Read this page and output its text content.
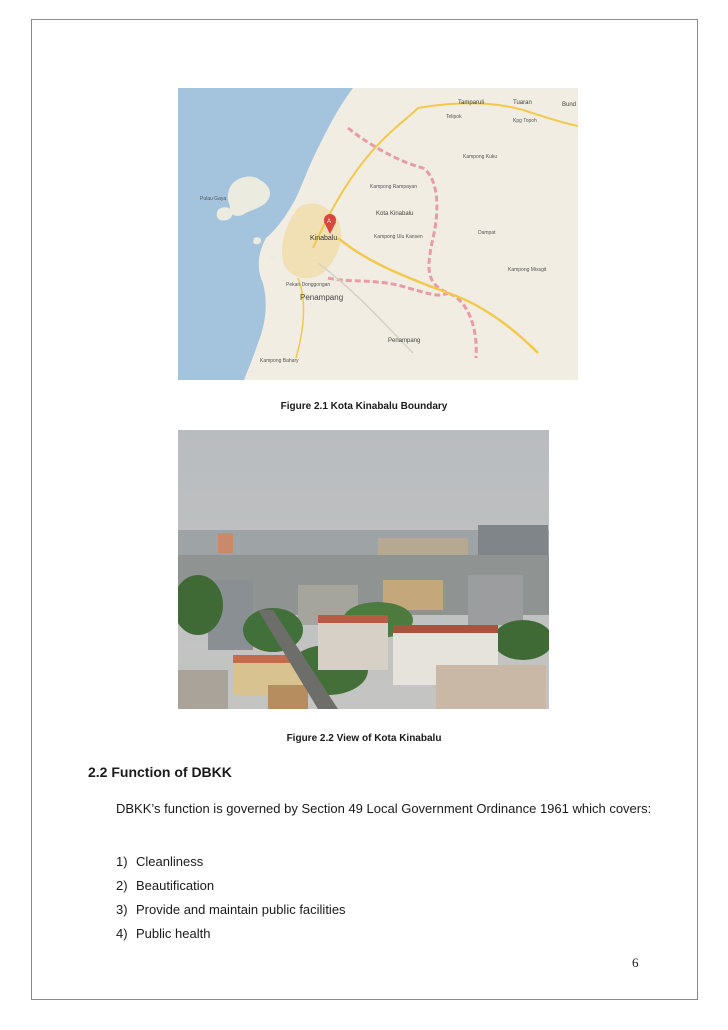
A
Tamparuli	Tuaran	Bund
Kpg Topoh
Telipok
Kampong Kuku
Pulau Gaya
Kampong Rampayan
Kota Kinabalu
Kinabalu	Kampong Ulu Kansen
Dampat
Kampong Missgit
Pekan Donggongan
Penampang
Penampang
Kampong Bahary
Figure 2.1 Kota Kinabalu Boundary
Figure 2.2 View of Kota Kinabalu
2.2 Function of DBKK
DBKK’s function is governed by Section 49 Local Government Ordinance 1961 which covers:
1) Cleanliness
2) Beautification
3) Provide and maintain public facilities
4) Public health
6
